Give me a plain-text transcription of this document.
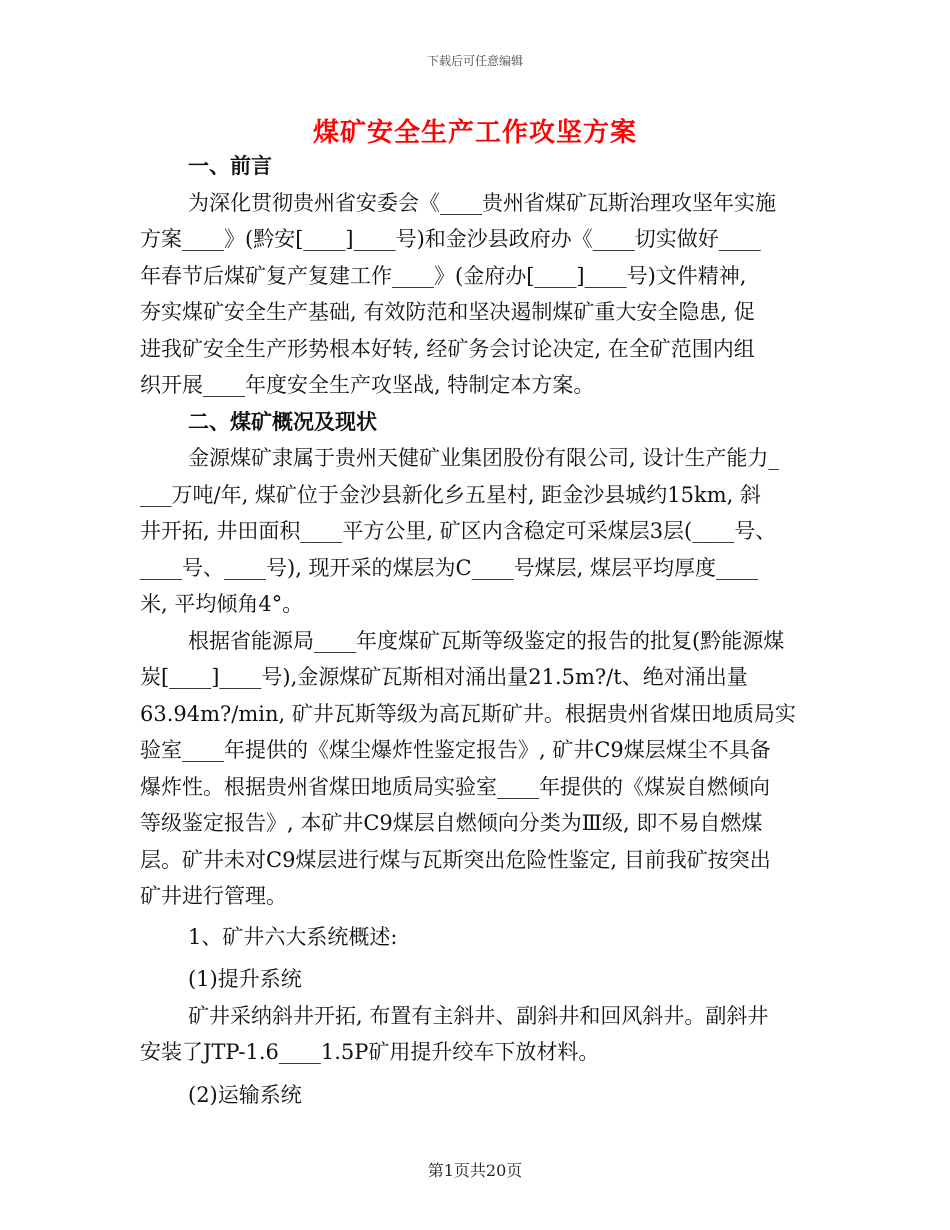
下载后可任意编辑
煤矿安全生产工作攻坚方案
一、前言
为深化贯彻贵州省安委会《____贵州省煤矿瓦斯治理攻坚年实施
方案____》(黔安[____]____号)和金沙县政府办《____切实做好____
年春节后煤矿复产复建工作____》(金府办[____]____号)文件精神,
夯实煤矿安全生产基础, 有效防范和坚决遏制煤矿重大安全隐患, 促
进我矿安全生产形势根本好转, 经矿务会讨论决定, 在全矿范围内组
织开展____年度安全生产攻坚战, 特制定本方案。
二、煤矿概况及现状
金源煤矿隶属于贵州天健矿业集团股份有限公司, 设计生产能力_
___万吨/年, 煤矿位于金沙县新化乡五星村, 距金沙县城约15km, 斜
井开拓, 井田面积____平方公里, 矿区内含稳定可采煤层3层(____号、
____号、____号), 现开采的煤层为C____号煤层, 煤层平均厚度____
米, 平均倾角4°。
根据省能源局____年度煤矿瓦斯等级鉴定的报告的批复(黔能源煤
炭[____]____号),金源煤矿瓦斯相对涌出量21.5m?/t、绝对涌出量
63.94m?/min, 矿井瓦斯等级为高瓦斯矿井。根据贵州省煤田地质局实
验室____年提供的《煤尘爆炸性鉴定报告》, 矿井C9煤层煤尘不具备
爆炸性。根据贵州省煤田地质局实验室____年提供的《煤炭自燃倾向
等级鉴定报告》, 本矿井C9煤层自燃倾向分类为Ⅲ级, 即不易自燃煤
层。矿井未对C9煤层进行煤与瓦斯突出危险性鉴定, 目前我矿按突出
矿井进行管理。
1、矿井六大系统概述:
(1)提升系统
矿井采纳斜井开拓, 布置有主斜井、副斜井和回风斜井。副斜井
安装了JTP-1.6____1.5P矿用提升绞车下放材料。
(2)运输系统
第1页共20页
